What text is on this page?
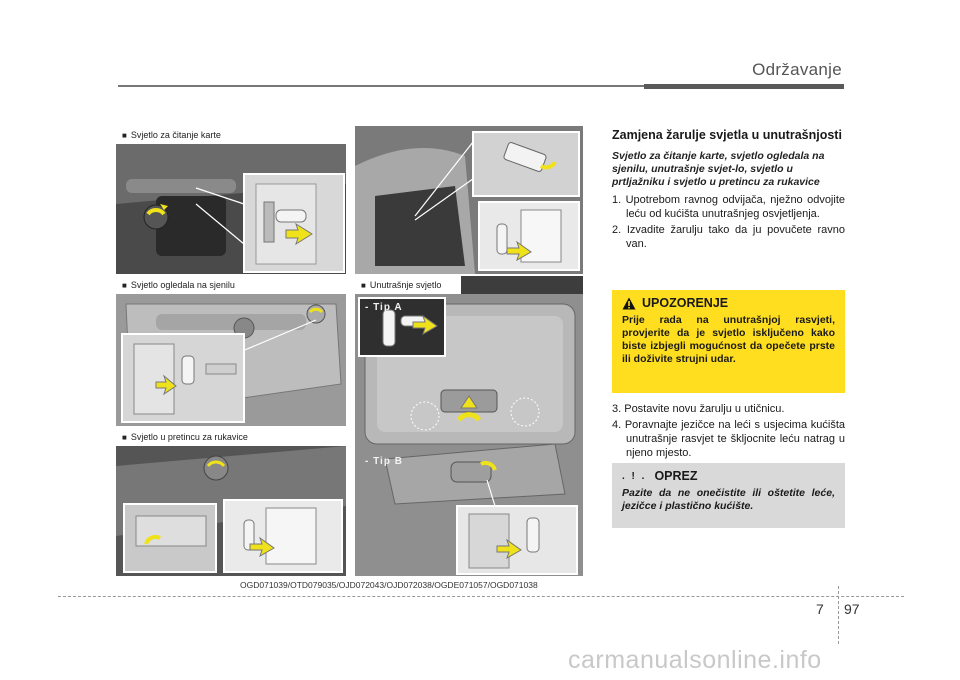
Održavanje
■ Svjetlo za čitanje karte
■ Svjetlo ogledala na sjenilu
■ Svjetlo u pretincu za rukavice
■ Unutrašnje svjetlo
- Tip A
- Tip B
OGD071039/OTD079035/OJD072043/OJD072038/OGDE071057/OGD071038
Zamjena žarulje svjetla u unutrašnjosti

Svjetlo za čitanje karte, svjetlo ogledala na sjenilu, unutrašnje svjet-lo, svjetlo u prtljažniku i svjetlo u pretincu za rukavice

1. Upotrebom ravnog odvijača, nježno odvojite leću od kućišta unutrašnjeg osvjetljenja.

2. Izvadite žarulju tako da ju povučete ravno van.

UPOZORENJE

Prije rada na unutrašnjoj rasvjeti, provjerite da je svjetlo isključeno kako biste izbjegli mogućnost da opečete prste ili doživite strujni udar.

3. Postavite novu žarulju u utičnicu.

4. Poravnajte jezičce na leći s usjecima kućišta unutrašnje rasvjet te škljocnite leću natrag u njeno mjesto.

. ! . OPREZ

Pazite da ne onečistite ili oštetite leće, jezičce i plastično kućište.

7 97
carmanualsonline.info
